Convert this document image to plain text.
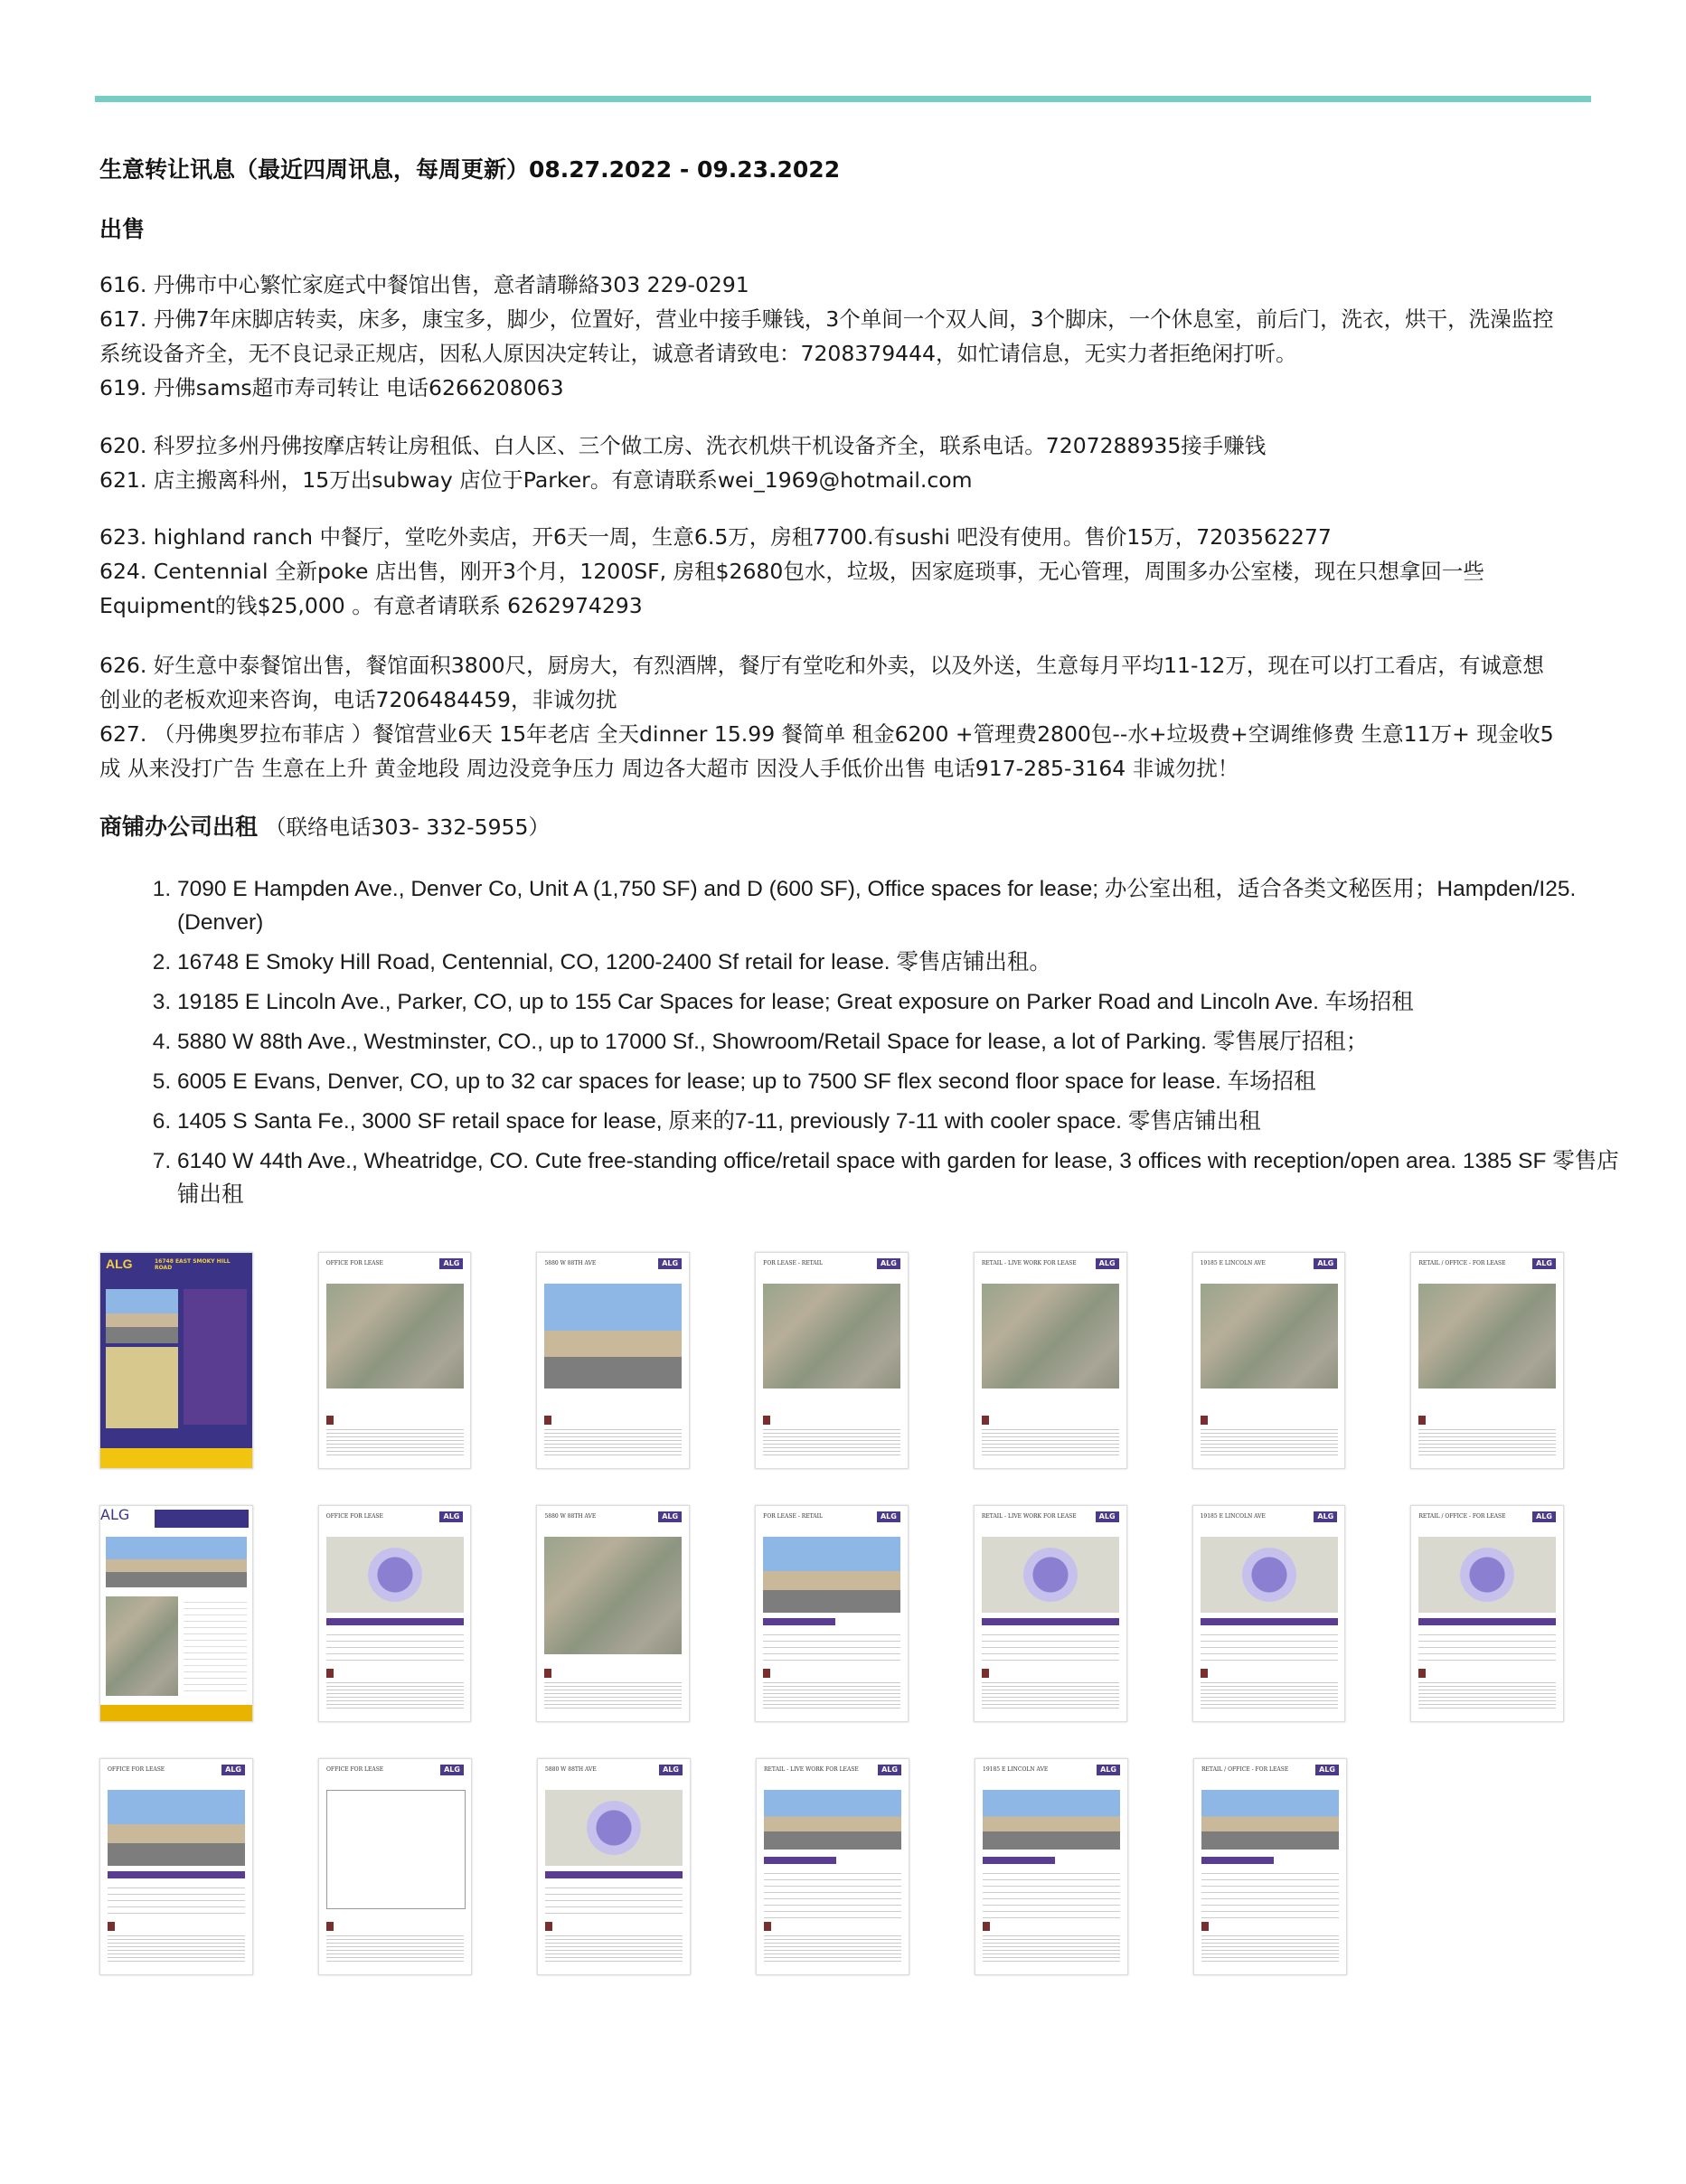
生意转让讯息（最近四周讯息，每周更新）08.27.2022 - 09.23.2022
出售

616. 丹佛市中心繁忙家庭式中餐馆出售，意者請聯絡303 229-0291

617. 丹佛7年床脚店转卖，床多，康宝多，脚少，位置好，营业中接手赚钱，3个单间一个双人间，3个脚床，一个休息室，前后门，洗衣，烘干，洗澡监控系统设备齐全，无不良记录正规店，因私人原因决定转让，诚意者请致电：7208379444，如忙请信息，无实力者拒绝闲打听。

619. 丹佛sams超市寿司转让 电话6266208063

620. 科罗拉多州丹佛按摩店转让房租低、白人区、三个做工房、洗衣机烘干机设备齐全，联系电话。7207288935接手赚钱

621. 店主搬离科州，15万出subway 店位于Parker。有意请联系wei_1969@hotmail.com

623. highland ranch 中餐厅，堂吃外卖店，开6天一周，生意6.5万，房租7700.有sushi 吧没有使用。售价15万，7203562277

624. Centennial 全新poke 店出售，刚开3个月，1200SF, 房租$2680包水，垃圾，因家庭琐事，无心管理，周围多办公室楼，现在只想拿回一些Equipment的钱$25,000 。有意者请联系 6262974293

626. 好生意中泰餐馆出售，餐馆面积3800尺，厨房大，有烈酒牌，餐厅有堂吃和外卖，以及外送，生意每月平均11-12万，现在可以打工看店，有诚意想创业的老板欢迎来咨询，电话7206484459，非诚勿扰

627. （丹佛奥罗拉布菲店 ）餐馆营业6天 15年老店 全天dinner 15.99 餐简单 租金6200 +管理费2800包--水+垃圾费+空调维修费 生意11万+ 现金收5成 从来没打广告 生意在上升 黄金地段 周边没竞争压力 周边各大超市 因没人手低价出售 电话917-285-3164 非诚勿扰！

商铺办公司出租 （联络电话303- 332-5955）
1. 7090 E Hampden Ave., Denver Co, Unit A (1,750 SF) and D (600 SF), Office spaces for lease; 办公室出租，适合各类文秘医用；Hampden/I25. (Denver)
2. 16748 E Smoky Hill Road, Centennial, CO, 1200-2400 Sf retail for lease. 零售店铺出租。
3. 19185 E Lincoln Ave., Parker, CO, up to 155 Car Spaces for lease; Great exposure on Parker Road and Lincoln Ave. 车场招租
4. 5880 W 88th Ave., Westminster, CO., up to 17000 Sf., Showroom/Retail Space for lease, a lot of Parking. 零售展厅招租；
5. 6005 E Evans, Denver, CO, up to 32 car spaces for lease; up to 7500 SF flex second floor space for lease. 车场招租
6. 1405 S Santa Fe., 3000 SF retail space for lease, 原来的7-11, previously 7-11 with cooler space. 零售店铺出租
7. 6140 W 44th Ave., Wheatridge, CO. Cute free-standing office/retail space with garden for lease, 3 offices with reception/open area. 1385 SF 零售店铺出租
ALG	16748 EAST SMOKY HILL ROAD
OFFICE FOR LEASE	ALG	5880 W 88TH AVE	ALG	FOR LEASE - RETAIL	ALG	RETAIL - LIVE WORK FOR LEASE	ALG	19185 E LINCOLN AVE	ALG	RETAIL / OFFICE - FOR LEASE	ALG
ALG	OFFICE FOR LEASE	ALG	5880 W 88TH AVE	ALG	FOR LEASE - RETAIL	ALG	RETAIL - LIVE WORK FOR LEASE	ALG	19185 E LINCOLN AVE	ALG	RETAIL / OFFICE - FOR LEASE	ALG
OFFICE FOR LEASE	ALG	OFFICE FOR LEASE	ALG	5880 W 88TH AVE	ALG	RETAIL - LIVE WORK FOR LEASE	ALG	19185 E LINCOLN AVE	ALG	RETAIL / OFFICE - FOR LEASE	ALG
